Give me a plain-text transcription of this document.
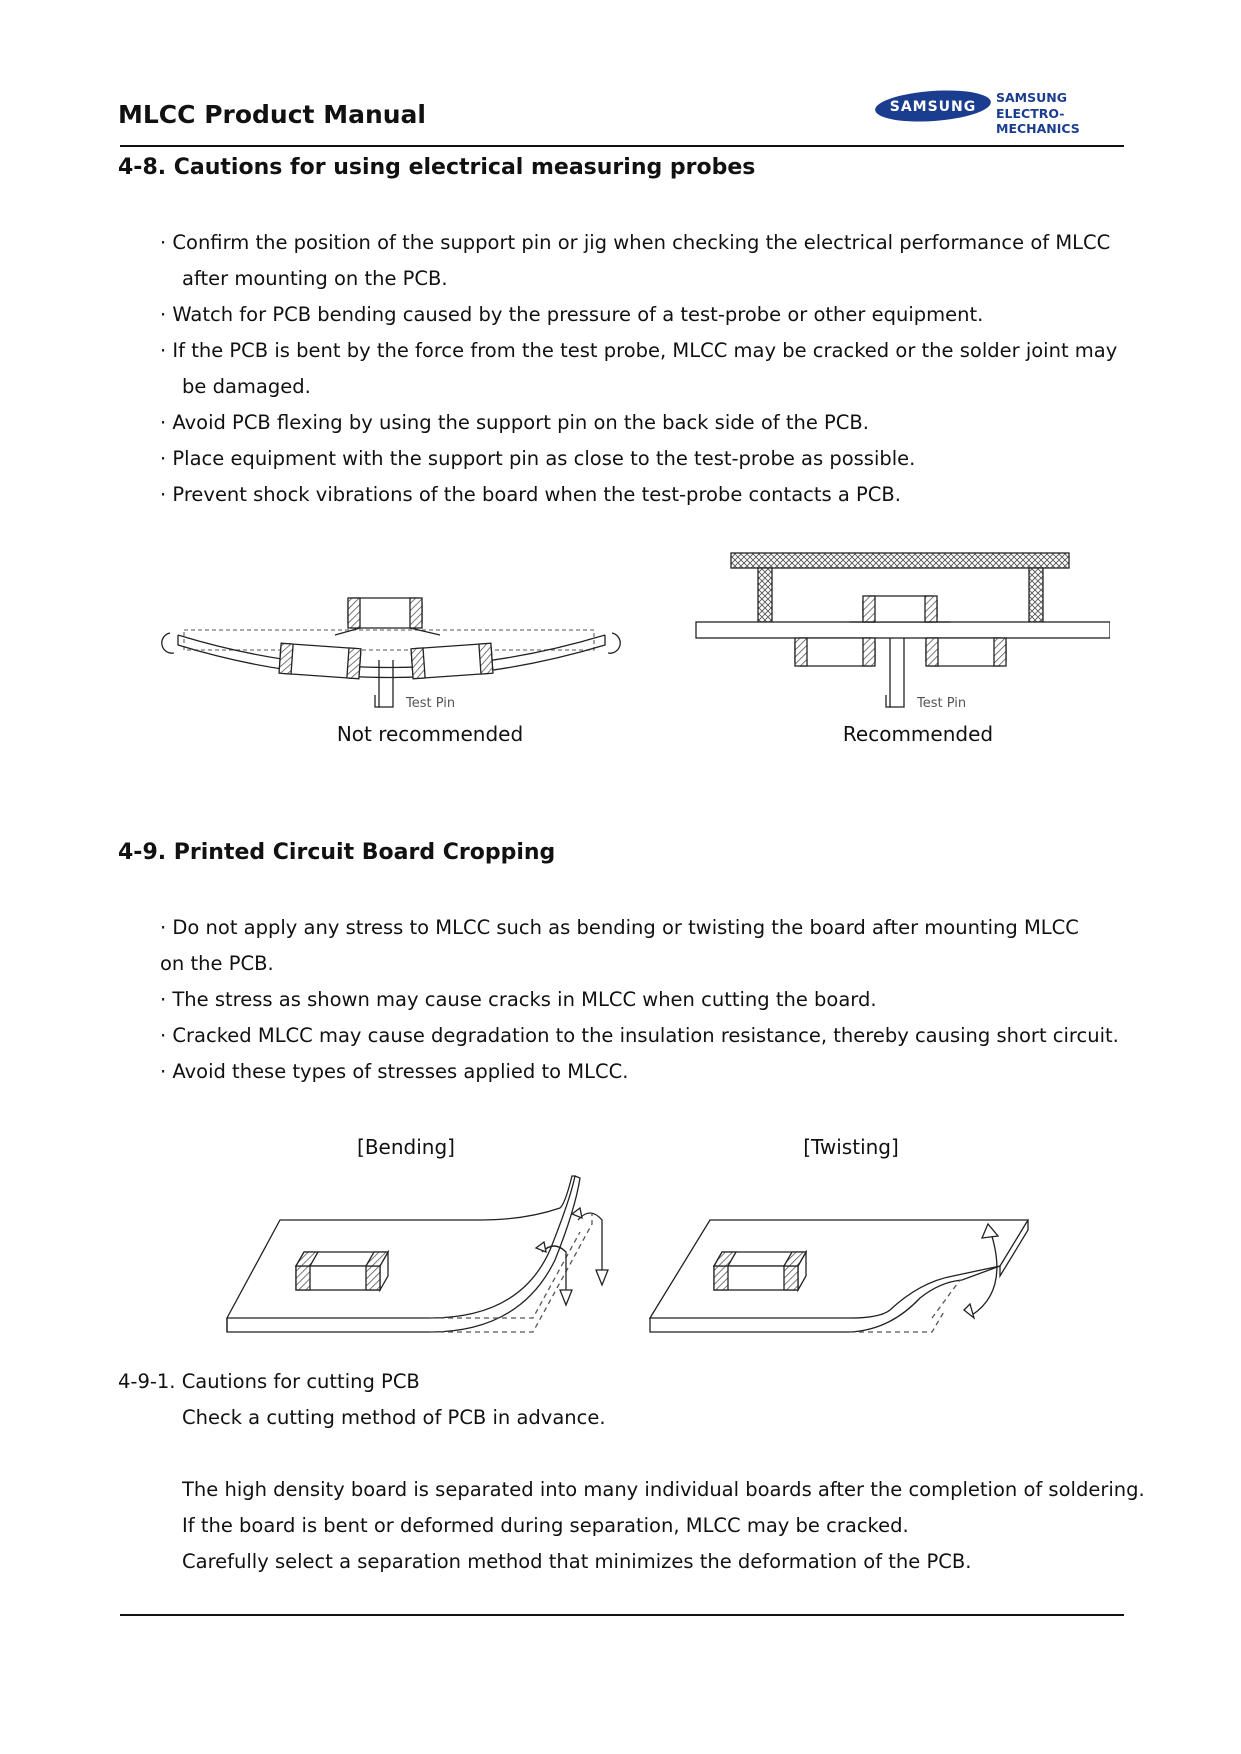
MLCC Product Manual	SAMSUNG
SAMSUNG
ELECTRO-MECHANICS
4-8. Cautions for using electrical measuring probes
· Confirm the position of the support pin or jig when checking the electrical performance of MLCC
after mounting on the PCB.
· Watch for PCB bending caused by the pressure of a test-probe or other equipment.
· If the PCB is bent by the force from the test probe, MLCC may be cracked or the solder joint may
be damaged.
· Avoid PCB flexing by using the support pin on the back side of the PCB.
· Place equipment with the support pin as close to the test-probe as possible.
· Prevent shock vibrations of the board when the test-probe contacts a PCB.
Test Pin	Test Pin
Not recommended	Recommended
4-9. Printed Circuit Board Cropping
· Do not apply any stress to MLCC such as bending or twisting the board after mounting MLCC
on the PCB.
· The stress as shown may cause cracks in MLCC when cutting the board.
· Cracked MLCC may cause degradation to the insulation resistance, thereby causing short circuit.
· Avoid these types of stresses applied to MLCC.
[Bending]	[Twisting]
4-9-1. Cautions for cutting PCB
Check a cutting method of PCB in advance.
The high density board is separated into many individual boards after the completion of soldering.
If the board is bent or deformed during separation, MLCC may be cracked.
Carefully select a separation method that minimizes the deformation of the PCB.
